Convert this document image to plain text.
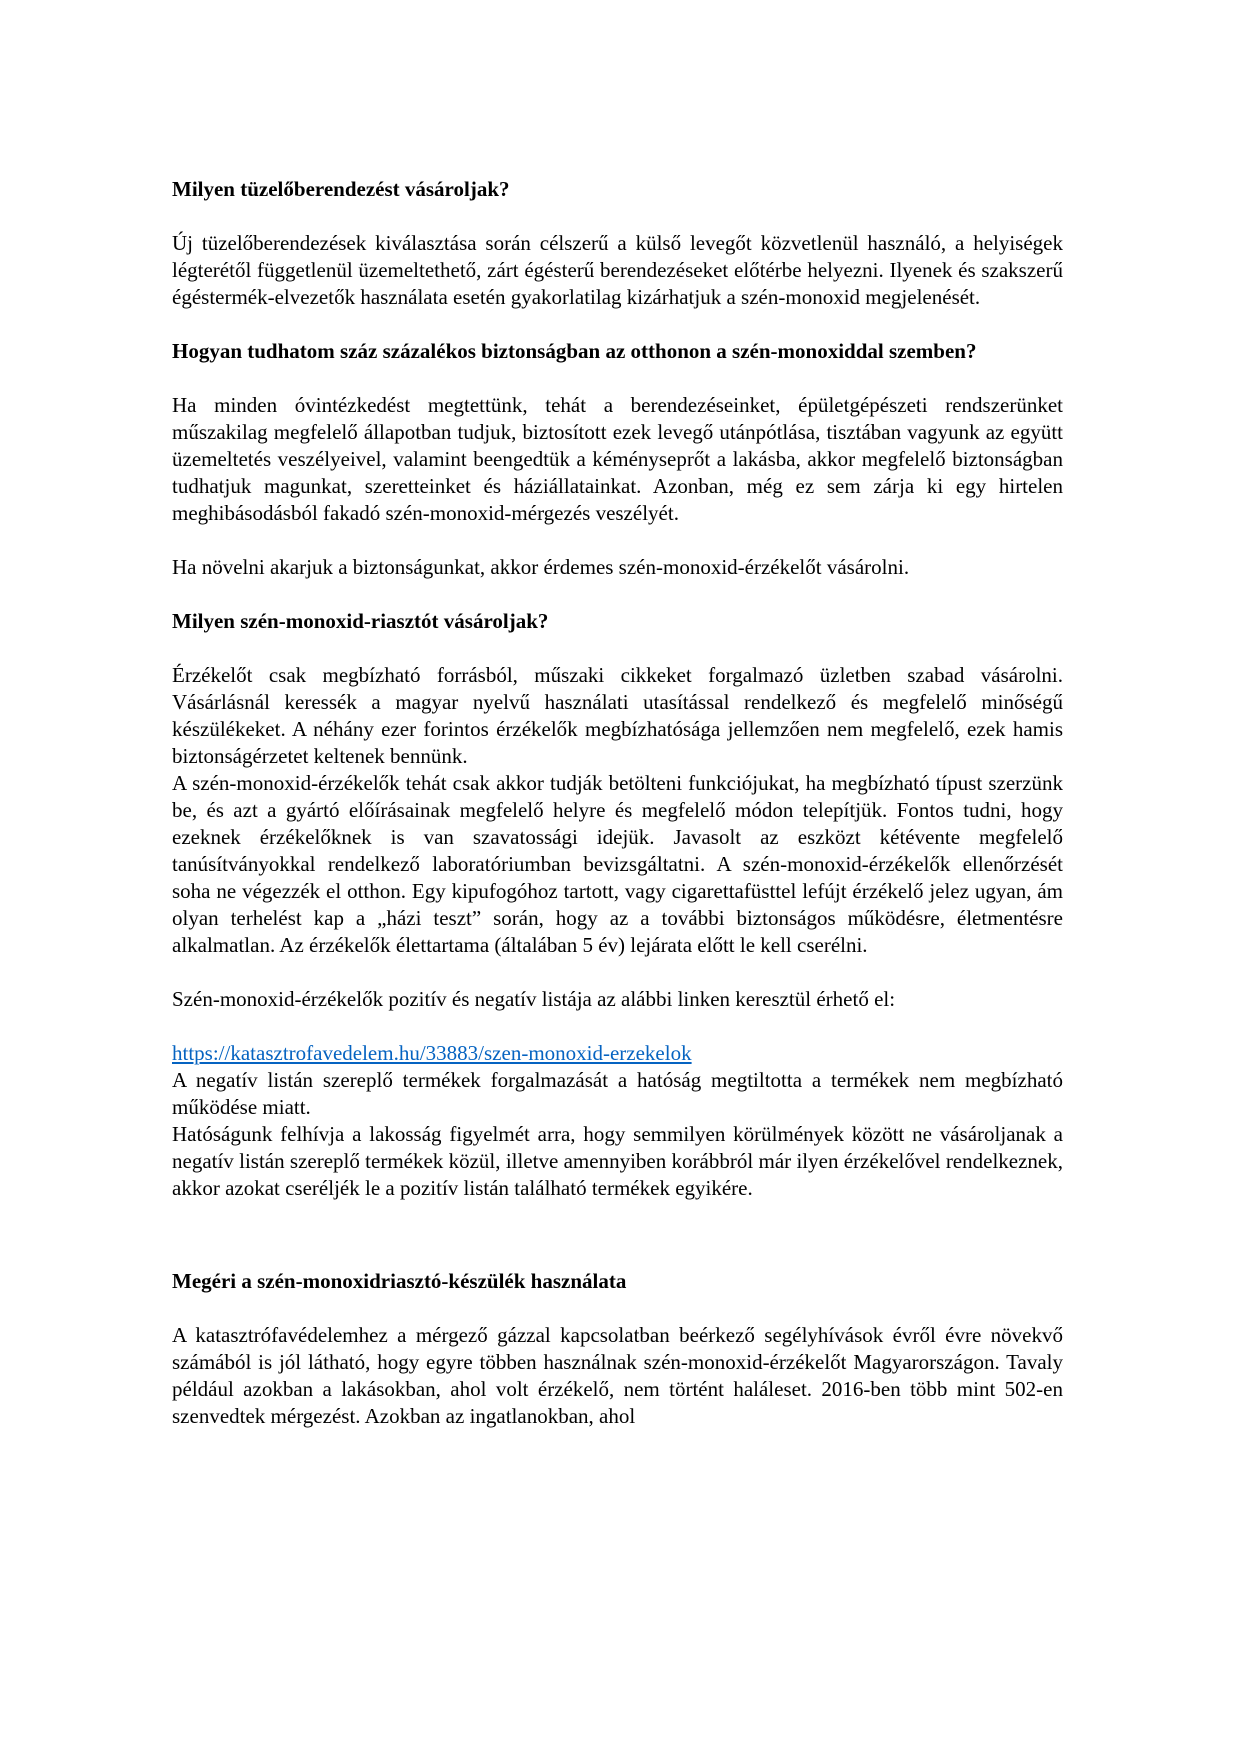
Milyen tüzelőberendezést vásároljak?

Új tüzelőberendezések kiválasztása során célszerű a külső levegőt közvetlenül használó, a helyiségek légterétől függetlenül üzemeltethető, zárt égésterű berendezéseket előtérbe helyezni. Ilyenek és szakszerű égéstermék-elvezetők használata esetén gyakorlatilag kizárhatjuk a szén-monoxid megjelenését.

Hogyan tudhatom száz százalékos biztonságban az otthonon a szén-monoxiddal szemben?

Ha minden óvintézkedést megtettünk, tehát a berendezéseinket, épületgépészeti rendszerünket műszakilag megfelelő állapotban tudjuk, biztosított ezek levegő utánpótlása, tisztában vagyunk az együtt üzemeltetés veszélyeivel, valamint beengedtük a kéményseprőt a lakásba, akkor megfelelő biztonságban tudhatjuk magunkat, szeretteinket és háziállatainkat. Azonban, még ez sem zárja ki egy hirtelen meghibásodásból fakadó szén-monoxid-mérgezés veszélyét.

Ha növelni akarjuk a biztonságunkat, akkor érdemes szén-monoxid-érzékelőt vásárolni.

Milyen szén-monoxid-riasztót vásároljak?

Érzékelőt csak megbízható forrásból, műszaki cikkeket forgalmazó üzletben szabad vásárolni. Vásárlásnál keressék a magyar nyelvű használati utasítással rendelkező és megfelelő minőségű készülékeket. A néhány ezer forintos érzékelők megbízhatósága jellemzően nem megfelelő, ezek hamis biztonságérzetet keltenek bennünk.

A szén-monoxid-érzékelők tehát csak akkor tudják betölteni funkciójukat, ha megbízható típust szerzünk be, és azt a gyártó előírásainak megfelelő helyre és megfelelő módon telepítjük. Fontos tudni, hogy ezeknek érzékelőknek is van szavatossági idejük. Javasolt az eszközt kétévente megfelelő tanúsítványokkal rendelkező laboratóriumban bevizsgáltatni. A szén-monoxid-érzékelők ellenőrzését soha ne végezzék el otthon. Egy kipufogóhoz tartott, vagy cigarettafüsttel lefújt érzékelő jelez ugyan, ám olyan terhelést kap a „házi teszt” során, hogy az a további biztonságos működésre, életmentésre alkalmatlan. Az érzékelők élettartama (általában 5 év) lejárata előtt le kell cserélni.

Szén-monoxid-érzékelők pozitív és negatív listája az alábbi linken keresztül érhető el:

https://katasztrofavedelem.hu/33883/szen-monoxid-erzekelok

A negatív listán szereplő termékek forgalmazását a hatóság megtiltotta a termékek nem megbízható működése miatt.

Hatóságunk felhívja a lakosság figyelmét arra, hogy semmilyen körülmények között ne vásároljanak a negatív listán szereplő termékek közül, illetve amennyiben korábbról már ilyen érzékelővel rendelkeznek, akkor azokat cseréljék le a pozitív listán található termékek egyikére.

Megéri a szén-monoxidriasztó-készülék használata

A katasztrófavédelemhez a mérgező gázzal kapcsolatban beérkező segélyhívások évről évre növekvő számából is jól látható, hogy egyre többen használnak szén-monoxid-érzékelőt Magyarországon. Tavaly például azokban a lakásokban, ahol volt érzékelő, nem történt haláleset. 2016-ben több mint 502-en szenvedtek mérgezést. Azokban az ingatlanokban, ahol
